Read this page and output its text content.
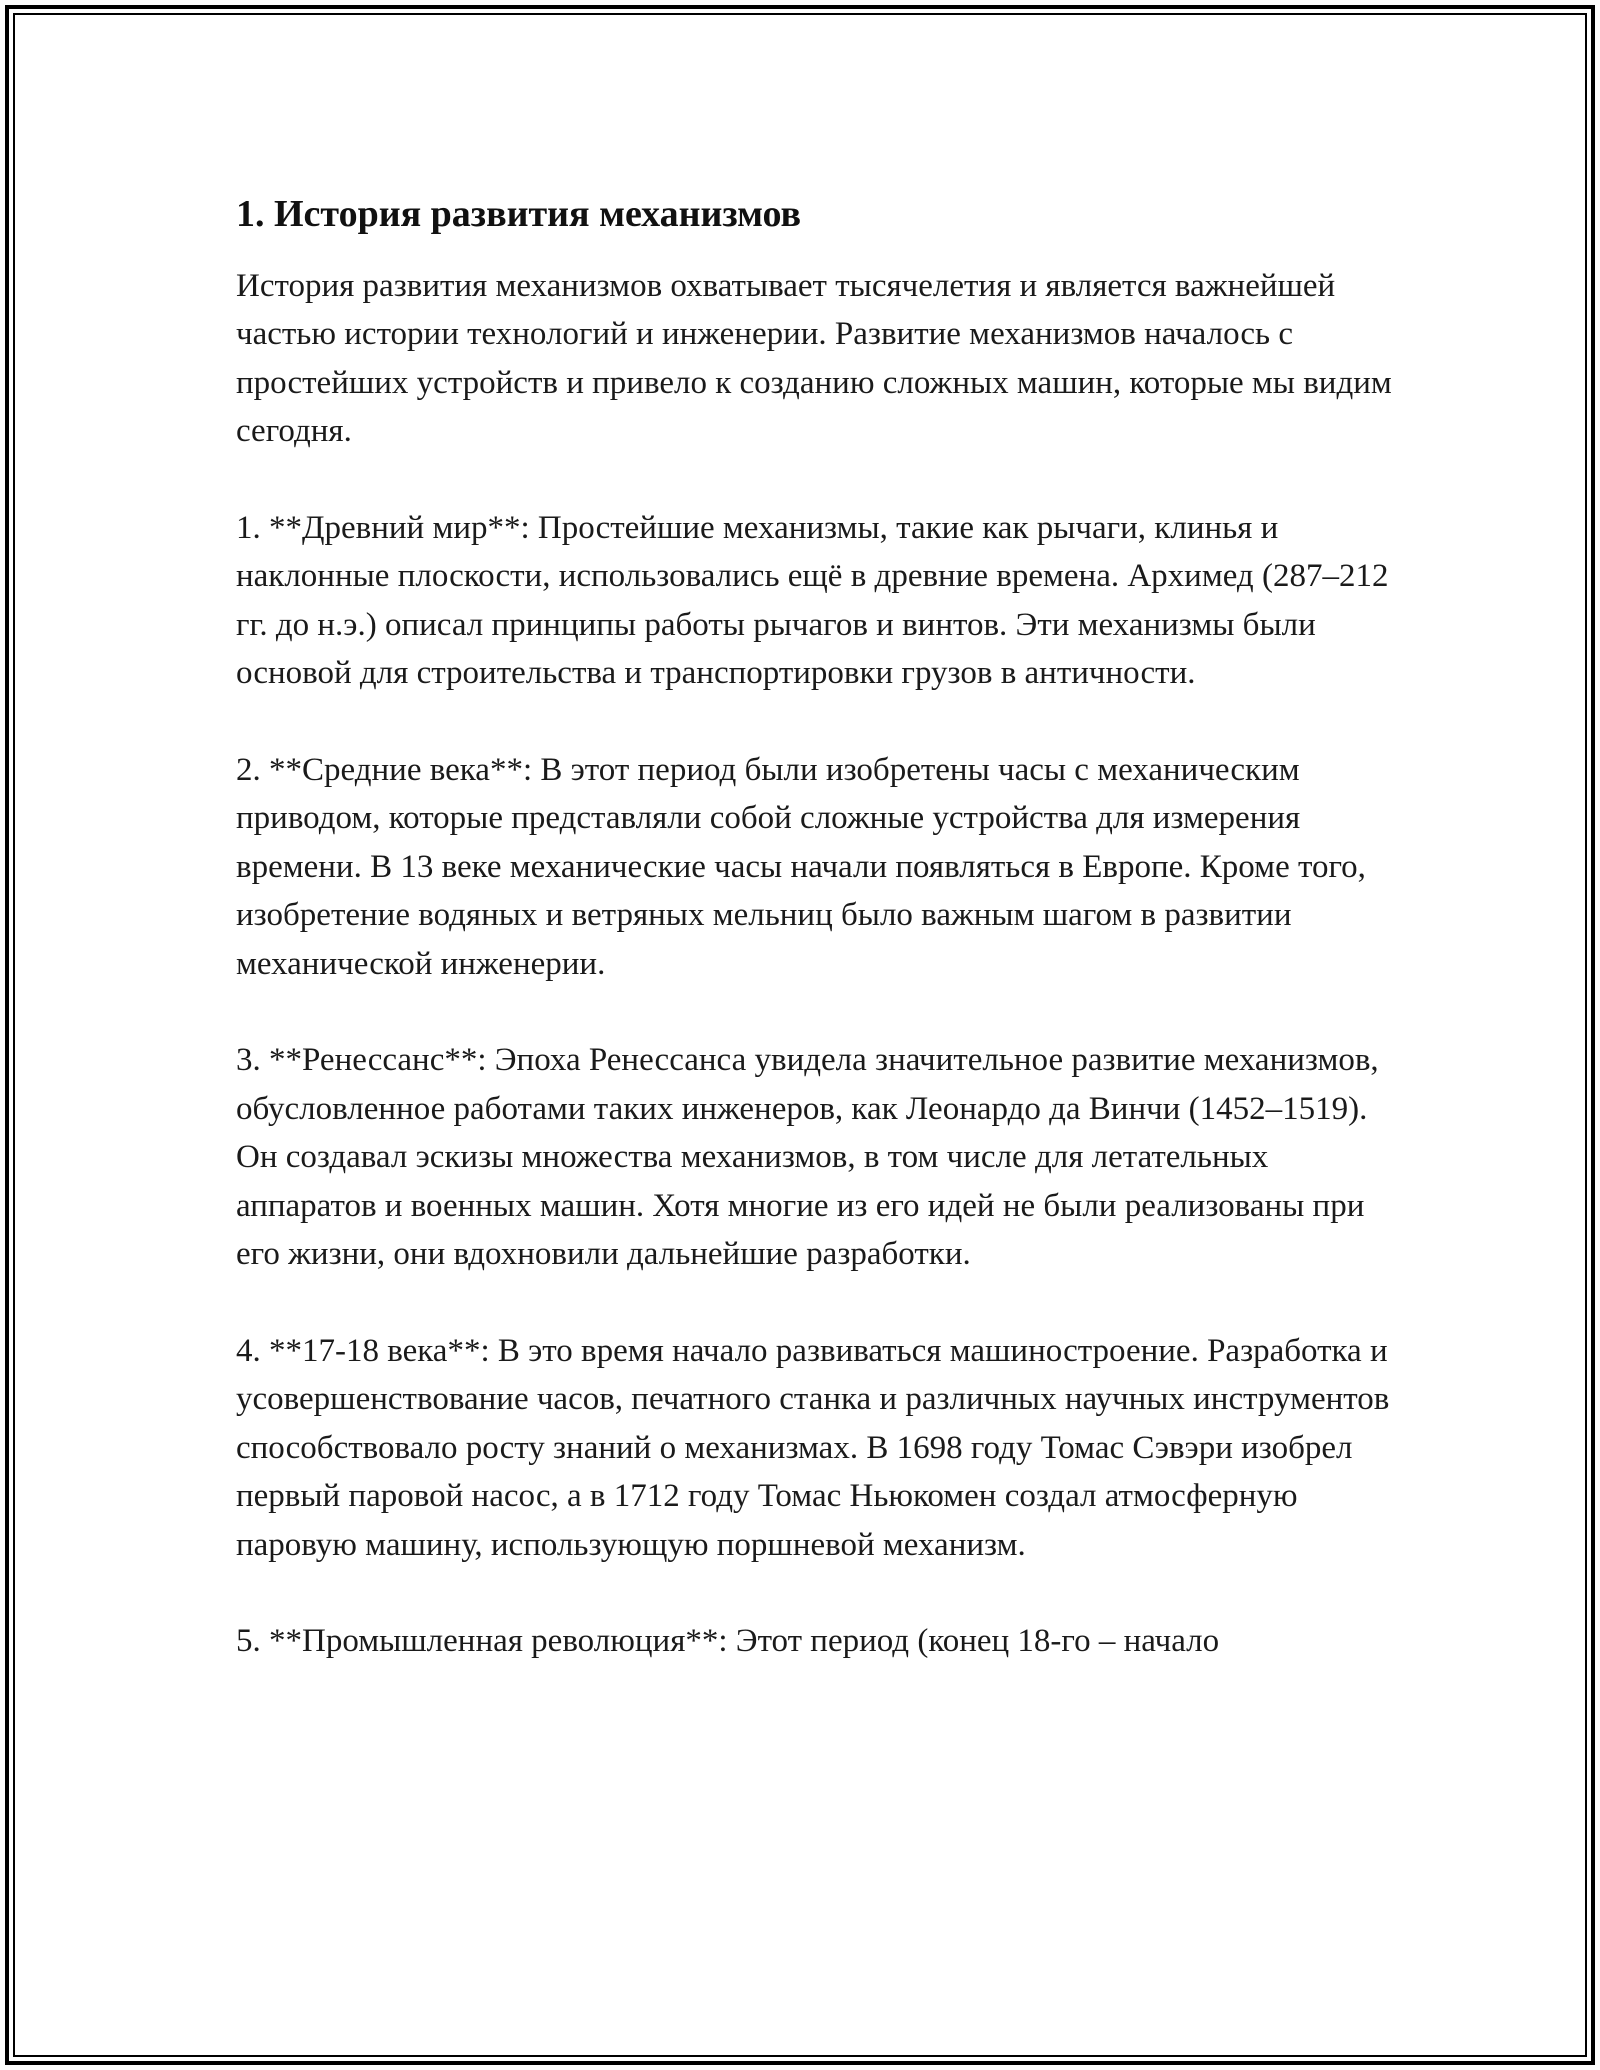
1. История развития механизмов

История развития механизмов охватывает тысячелетия и является важнейшей частью истории технологий и инженерии. Развитие механизмов началось с простейших устройств и привело к созданию сложных машин, которые мы видим сегодня.

1. **Древний мир**: Простейшие механизмы, такие как рычаги, клинья и наклонные плоскости, использовались ещё в древние времена. Архимед (287–212 гг. до н.э.) описал принципы работы рычагов и винтов. Эти механизмы были основой для строительства и транспортировки грузов в античности.

2. **Средние века**: В этот период были изобретены часы с механическим приводом, которые представляли собой сложные устройства для измерения времени. В 13 веке механические часы начали появляться в Европе. Кроме того, изобретение водяных и ветряных мельниц было важным шагом в развитии механической инженерии.

3. **Ренессанс**: Эпоха Ренессанса увидела значительное развитие механизмов, обусловленное работами таких инженеров, как Леонардо да Винчи (1452–1519). Он создавал эскизы множества механизмов, в том числе для летательных аппаратов и военных машин. Хотя многие из его идей не были реализованы при его жизни, они вдохновили дальнейшие разработки.

4. **17-18 века**: В это время начало развиваться машиностроение. Разработка и усовершенствование часов, печатного станка и различных научных инструментов способствовало росту знаний о механизмах. В 1698 году Томас Сэвэри изобрел первый паровой насос, а в 1712 году Томас Ньюкомен создал атмосферную паровую машину, использующую поршневой механизм.

5. **Промышленная революция**: Этот период (конец 18-го – начало
